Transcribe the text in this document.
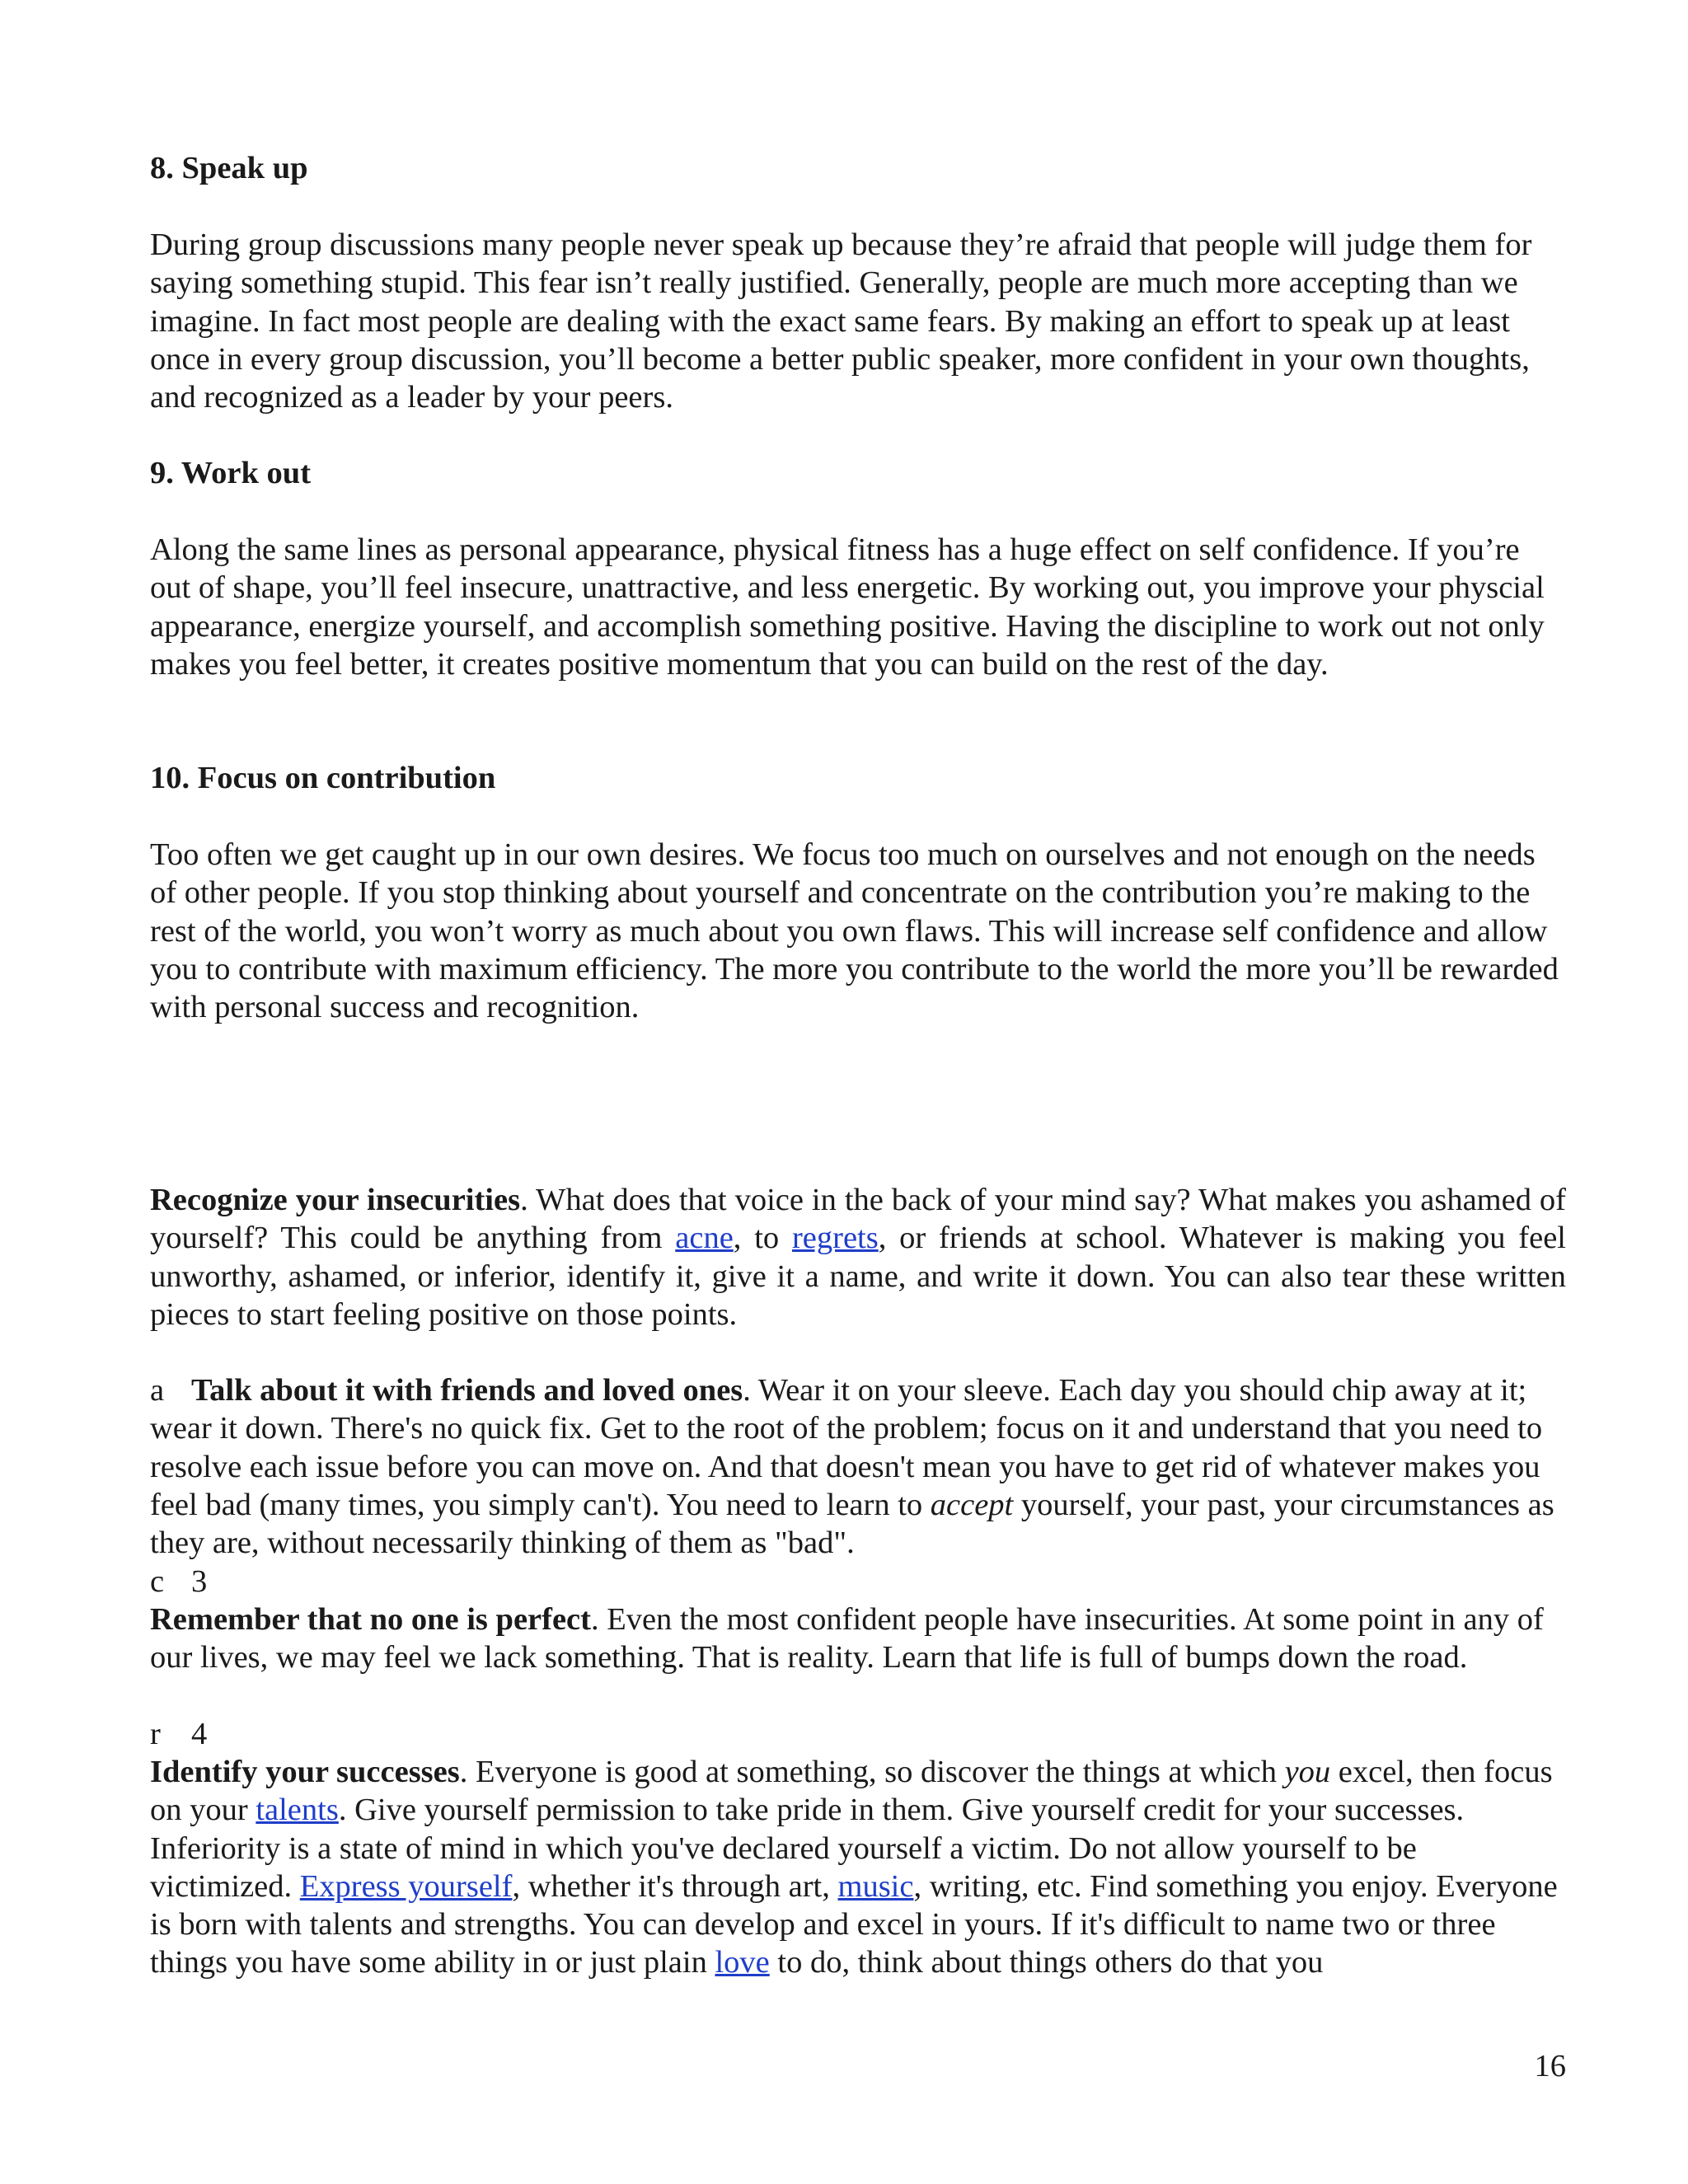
8. Speak up

During group discussions many people never speak up because they’re afraid that people will judge them for saying something stupid. This fear isn’t really justified. Generally, people are much more accepting than we imagine. In fact most people are dealing with the exact same fears. By making an effort to speak up at least once in every group discussion, you’ll become a better public speaker, more confident in your own thoughts, and recognized as a leader by your peers.

9. Work out

Along the same lines as personal appearance, physical fitness has a huge effect on self confidence. If you’re out of shape, you’ll feel insecure, unattractive, and less energetic. By working out, you improve your physcial appearance, energize yourself, and accomplish something positive. Having the discipline to work out not only makes you feel better, it creates positive momentum that you can build on the rest of the day.

10. Focus on contribution

Too often we get caught up in our own desires. We focus too much on ourselves and not enough on the needs of other people. If you stop thinking about yourself and concentrate on the contribution you’re making to the rest of the world, you won’t worry as much about you own flaws. This will increase self confidence and allow you to contribute with maximum efficiency. The more you contribute to the world the more you’ll be rewarded with personal success and recognition.

Recognize your insecurities. What does that voice in the back of your mind say? What makes you ashamed of yourself? This could be anything from acne, to regrets, or friends at school. Whatever is making you feel unworthy, ashamed, or inferior, identify it, give it a name, and write it down. You can also tear these written pieces to start feeling positive on those points.

a Talk about it with friends and loved ones. Wear it on your sleeve. Each day you should chip away at it; wear it down. There's no quick fix. Get to the root of the problem; focus on it and understand that you need to resolve each issue before you can move on. And that doesn't mean you have to get rid of whatever makes you feel bad (many times, you simply can't). You need to learn to accept yourself, your past, your circumstances as they are, without necessarily thinking of them as "bad".

c 3

Remember that no one is perfect. Even the most confident people have insecurities. At some point in any of our lives, we may feel we lack something. That is reality. Learn that life is full of bumps down the road.

r 4

Identify your successes. Everyone is good at something, so discover the things at which you excel, then focus on your talents. Give yourself permission to take pride in them. Give yourself credit for your successes. Inferiority is a state of mind in which you've declared yourself a victim. Do not allow yourself to be victimized. Express yourself, whether it's through art, music, writing, etc. Find something you enjoy. Everyone is born with talents and strengths. You can develop and excel in yours. If it's difficult to name two or three things you have some ability in or just plain love to do, think about things others do that you

16
